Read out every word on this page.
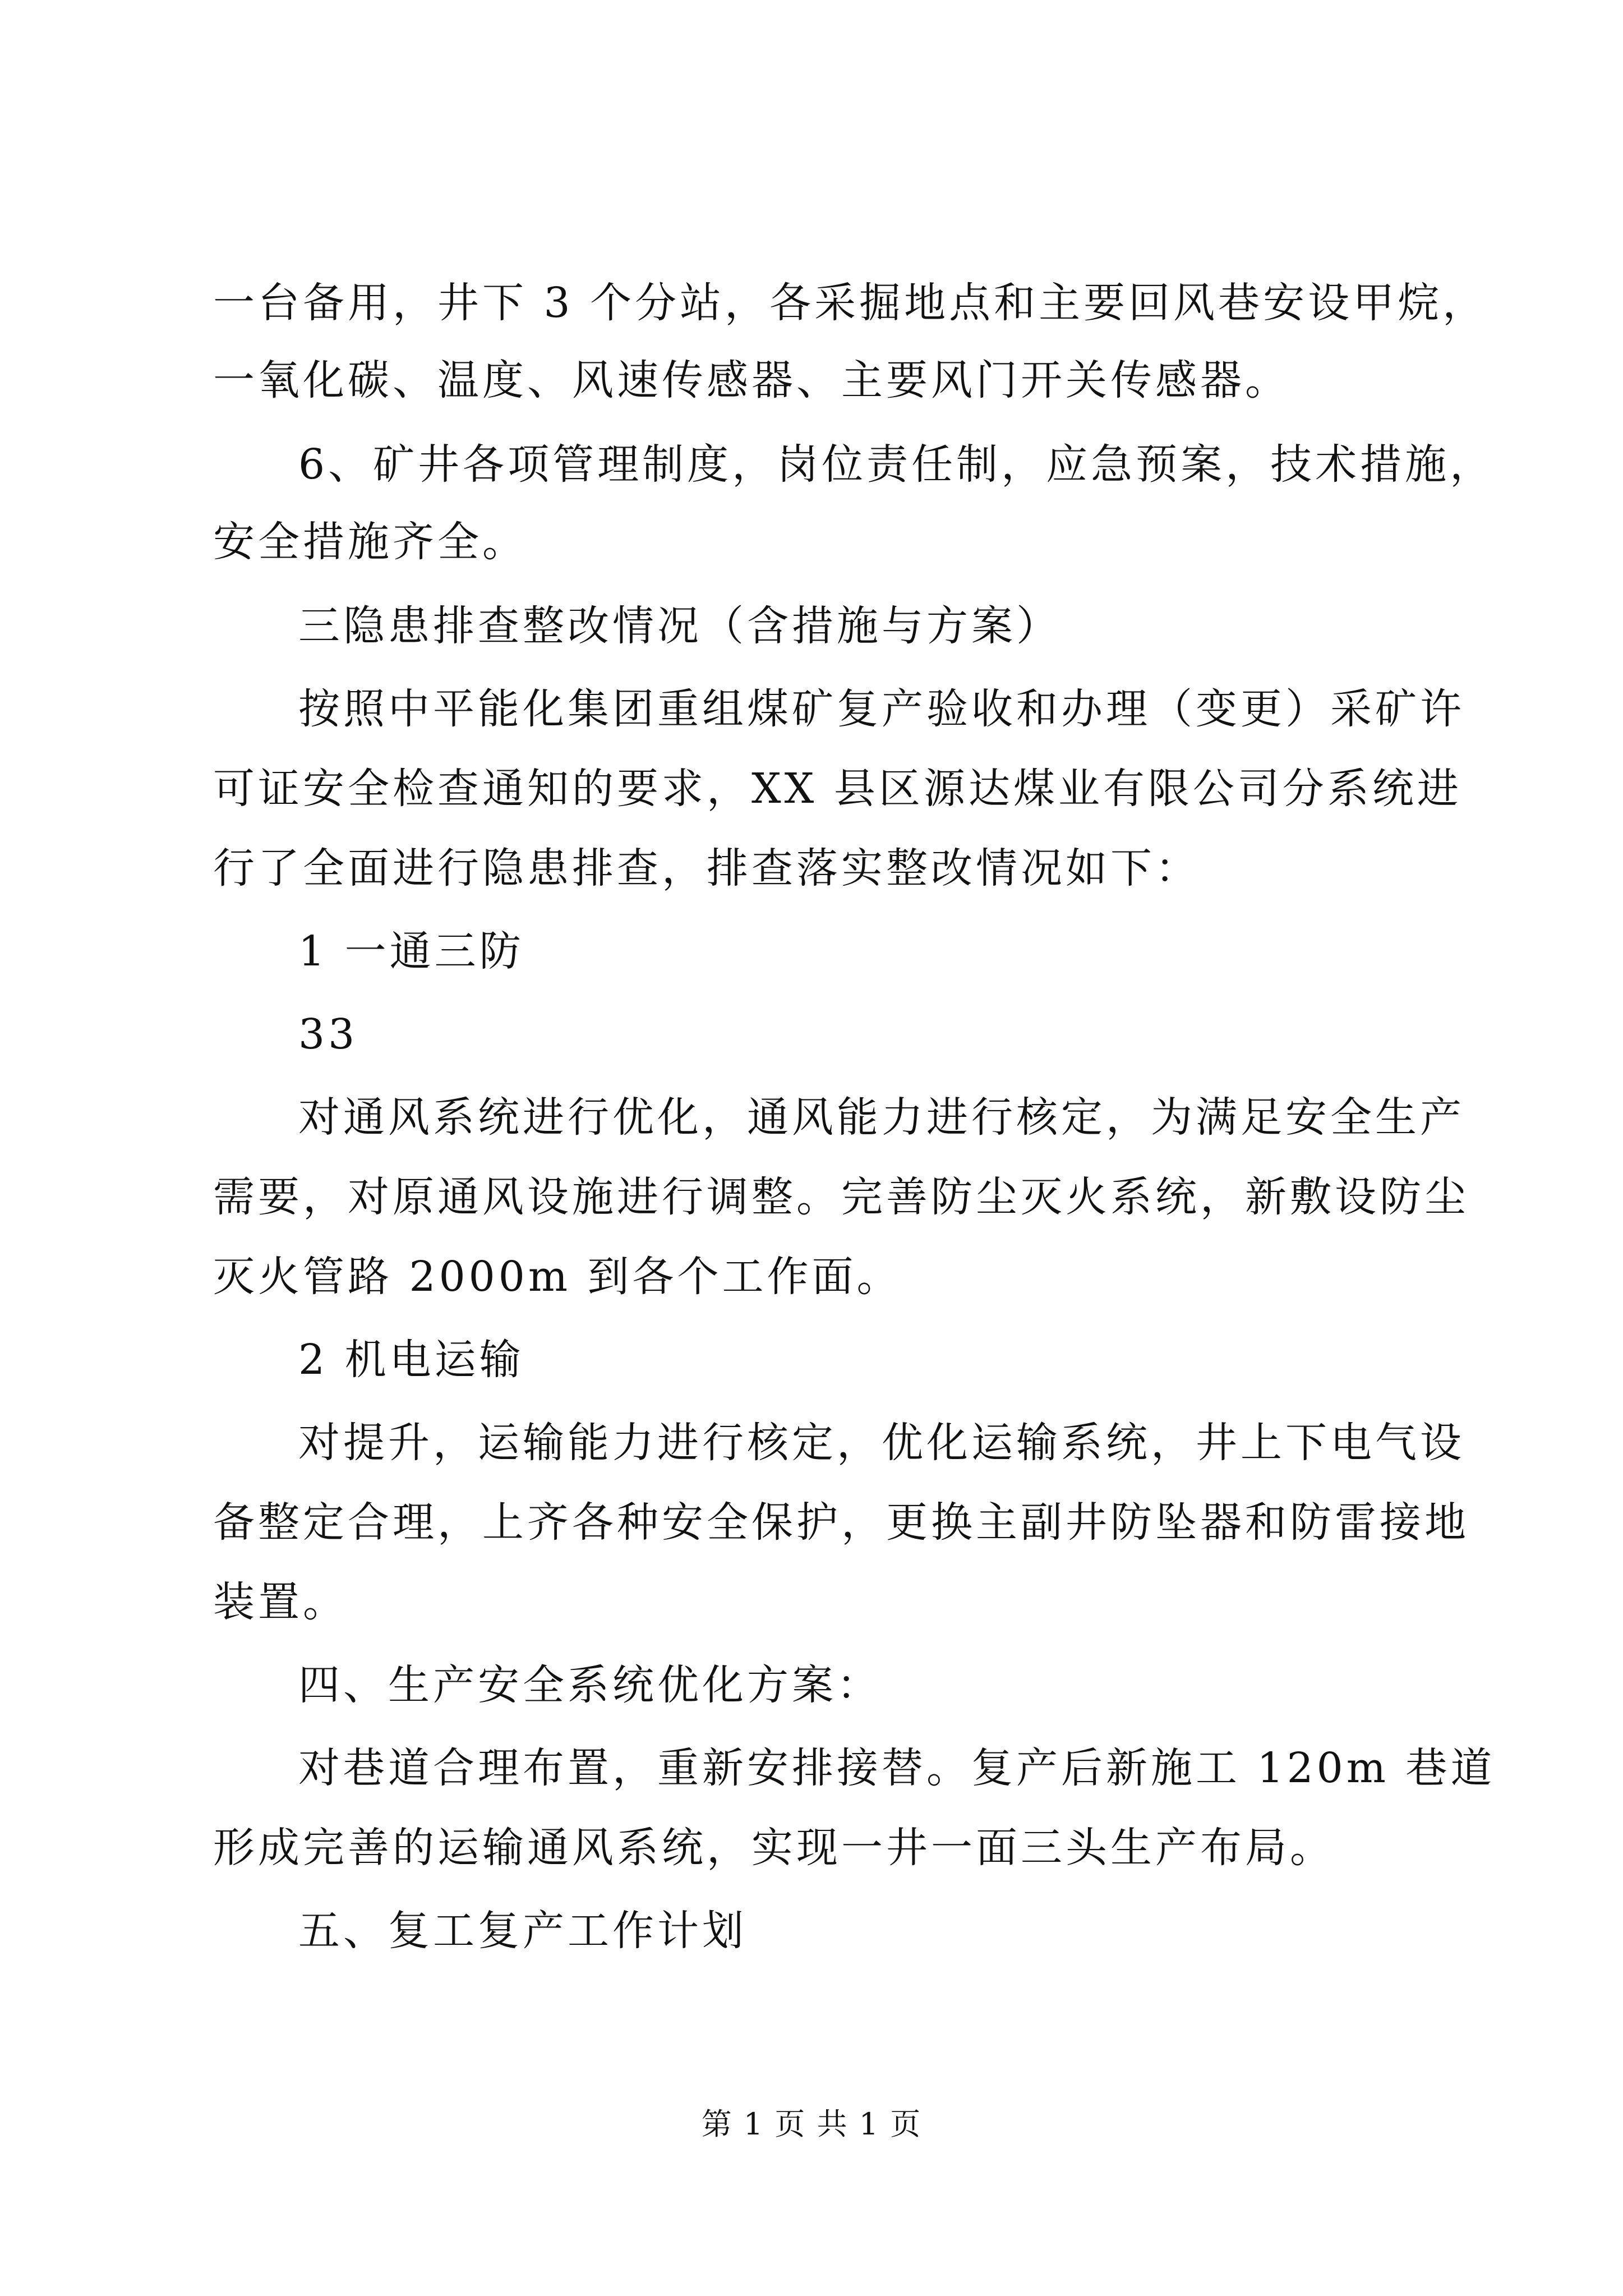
一台备用，井下 3 个分站，各采掘地点和主要回风巷安设甲烷，
一氧化碳、温度、风速传感器、主要风门开关传感器。
6、矿井各项管理制度，岗位责任制，应急预案，技术措施，
安全措施齐全。
三隐患排查整改情况（含措施与方案）
按照中平能化集团重组煤矿复产验收和办理（变更）采矿许
可证安全检查通知的要求，XX 县区源达煤业有限公司分系统进
行了全面进行隐患排查，排查落实整改情况如下：
1 一通三防
33
对通风系统进行优化，通风能力进行核定，为满足安全生产
需要，对原通风设施进行调整。完善防尘灭火系统，新敷设防尘
灭火管路 2000m 到各个工作面。
2 机电运输
对提升，运输能力进行核定，优化运输系统，井上下电气设
备整定合理，上齐各种安全保护，更换主副井防坠器和防雷接地
装置。
四、生产安全系统优化方案：
对巷道合理布置，重新安排接替。复产后新施工 120m 巷道
形成完善的运输通风系统，实现一井一面三头生产布局。
五、复工复产工作计划
第 1 页 共 1 页
